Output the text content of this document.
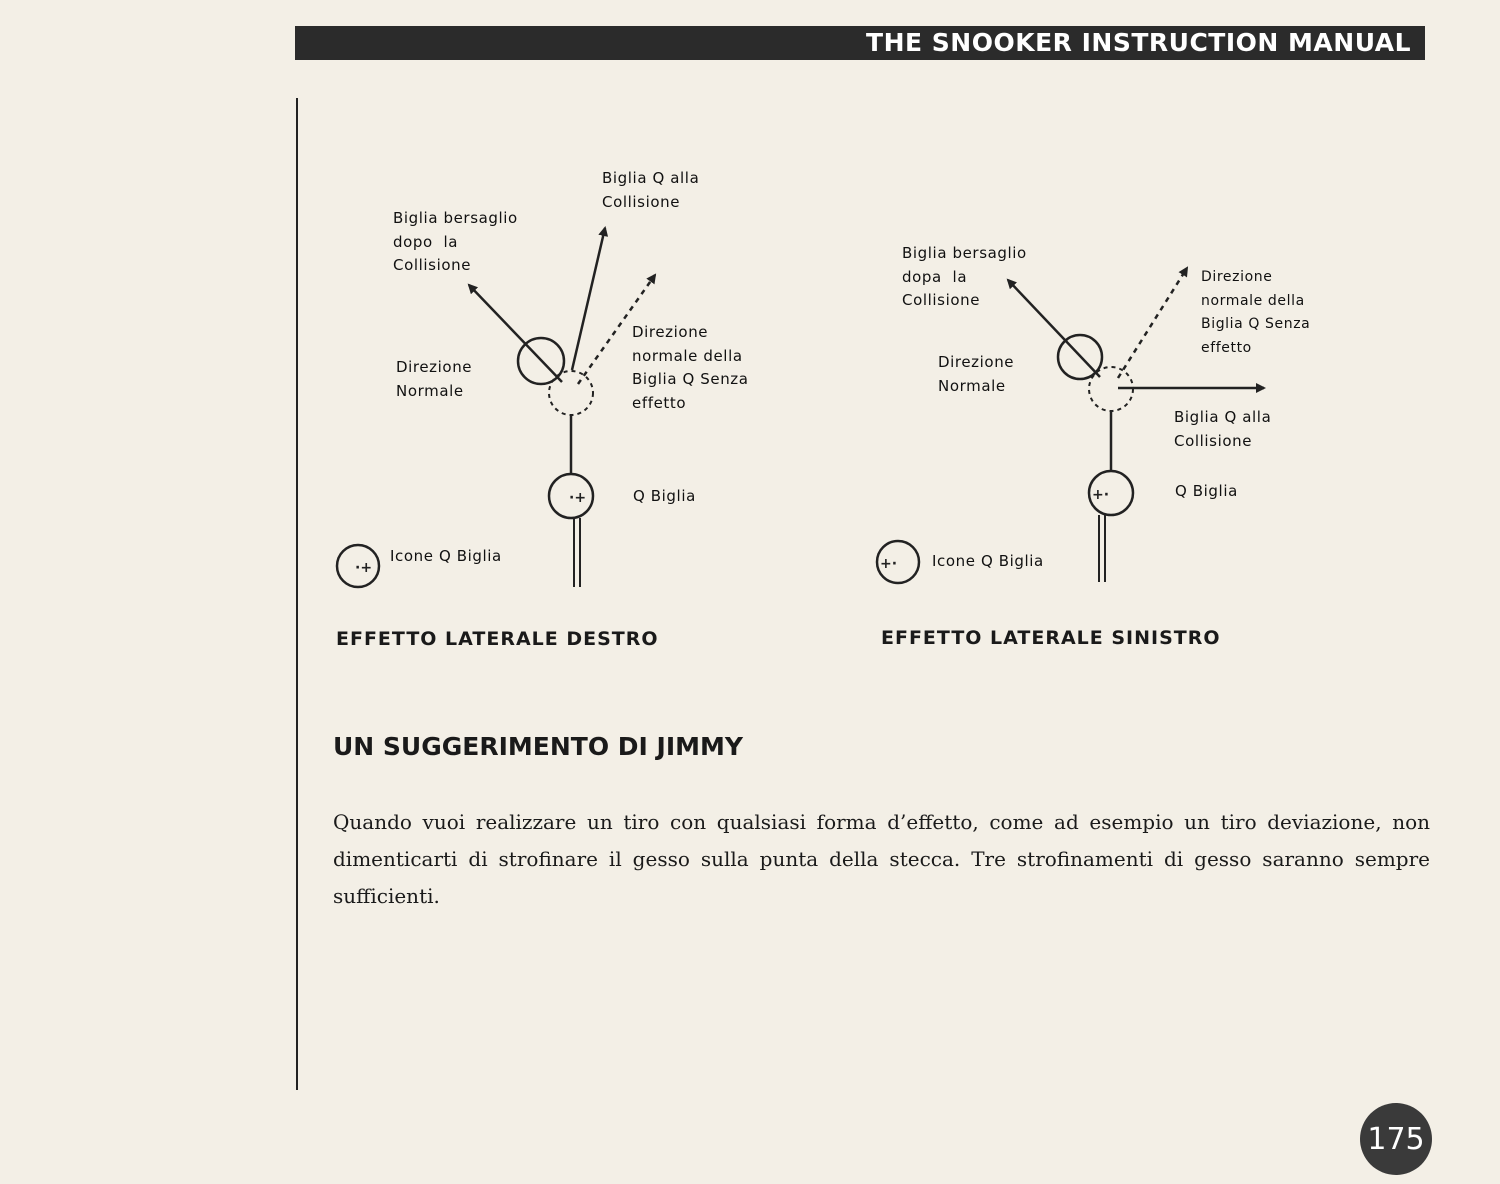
THE SNOOKER INSTRUCTION MANUAL
·+
·+
+·
+·
Biglia bersaglio
dopo  la
Collisione
Biglia Q alla
Collisione
Direzione
Normale
Direzione
normale della
Biglia Q Senza
effetto
Q Biglia
Icone Q Biglia
EFFETTO LATERALE DESTRO
Biglia bersaglio
dopa  la
Collisione
Direzione
normale della
Biglia Q Senza
effetto
Direzione
Normale
Biglia Q alla
Collisione
Q Biglia
Icone Q Biglia
EFFETTO LATERALE SINISTRO
UN SUGGERIMENTO DI JIMMY
Quando vuoi realizzare un tiro con qualsiasi forma d’effetto, come ad esempio un tiro deviazione, non dimenticarti di strofinare il gesso sulla punta della stecca. Tre strofinamenti di gesso saranno sempre sufficienti.
175
